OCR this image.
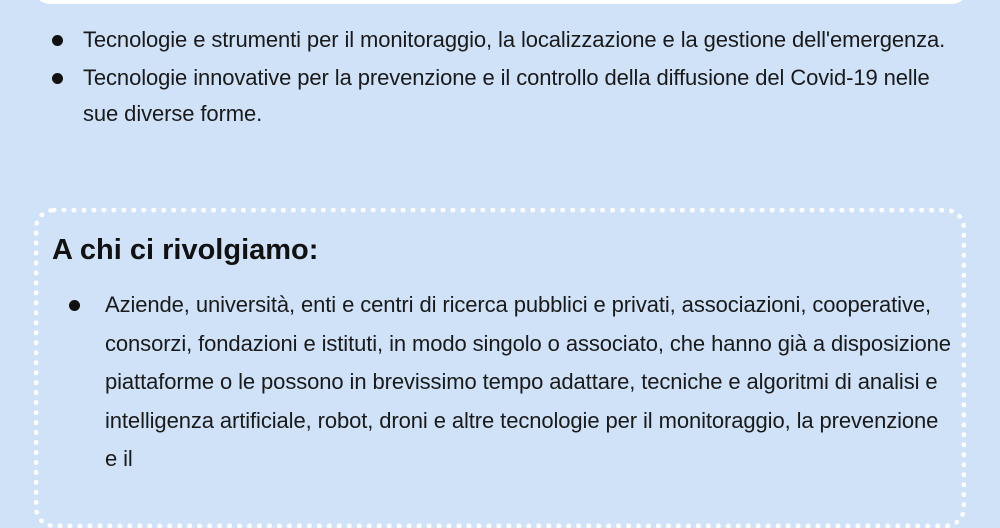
Tecnologie e strumenti per il monitoraggio, la localizzazione e la gestione dell'emergenza.
Tecnologie innovative per la prevenzione e il controllo della diffusione del Covid-19 nelle sue diverse forme.
A chi ci rivolgiamo:
Aziende, università, enti e centri di ricerca pubblici e privati, associazioni, cooperative, consorzi, fondazioni e istituti, in modo singolo o associato, che hanno già a disposizione piattaforme o le possono in brevissimo tempo adattare, tecniche e algoritmi di analisi e intelligenza artificiale, robot, droni e altre tecnologie per il monitoraggio, la prevenzione e il
